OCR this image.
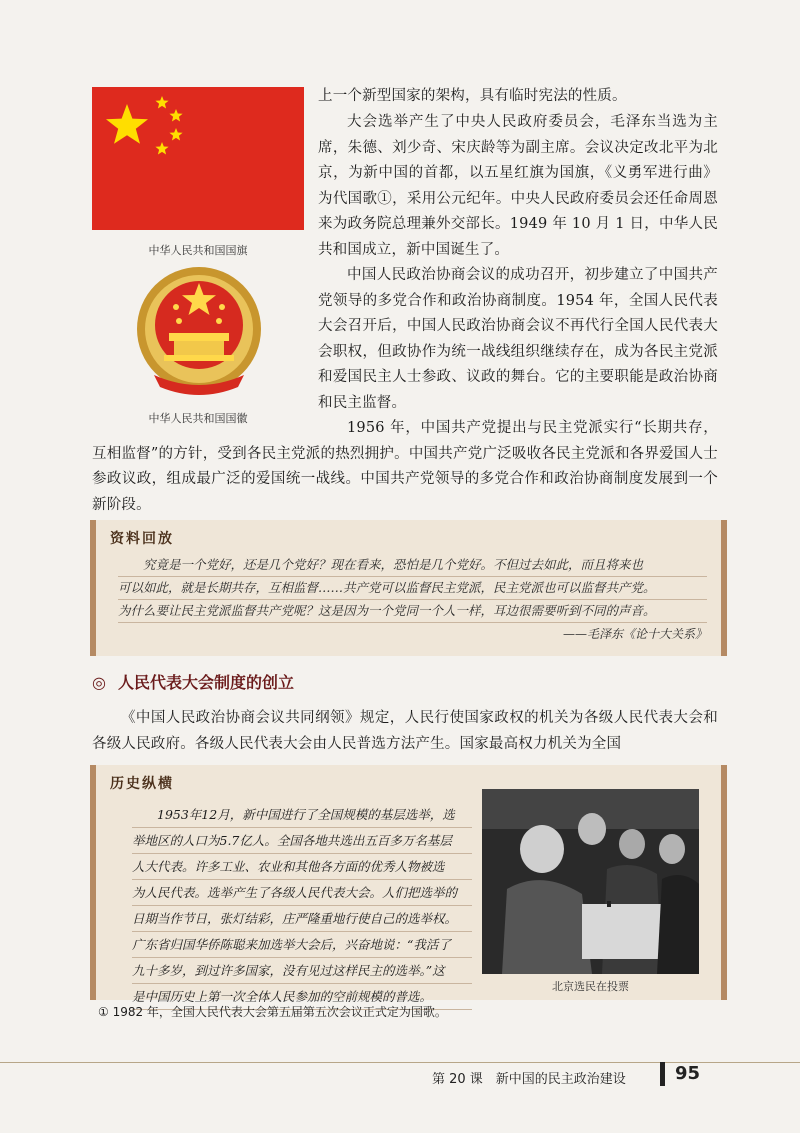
中华人民共和国国旗
中华人民共和国国徽

上一个新型国家的架构，具有临时宪法的性质。

大会选举产生了中央人民政府委员会，毛泽东当选为主席，朱德、刘少奇、宋庆龄等为副主席。会议决定改北平为北京，为新中国的首都，以五星红旗为国旗，《义勇军进行曲》为代国歌①，采用公元纪年。中央人民政府委员会还任命周恩来为政务院总理兼外交部长。1949 年 10 月 1 日，中华人民共和国成立，新中国诞生了。

中国人民政治协商会议的成功召开，初步建立了中国共产党领导的多党合作和政治协商制度。1954 年，全国人民代表大会召开后，中国人民政治协商会议不再代行全国人民代表大会职权，但政协作为统一战线组织继续存在，成为各民主党派和爱国民主人士参政、议政的舞台。它的主要职能是政治协商和民主监督。

1956 年，中国共产党提出与民主党派实行“长期共存，互相监督”的方针，受到各民主党派的热烈拥护。中国共产党广泛吸收各民主党派和各界爱国人士参政议政，组成最广泛的爱国统一战线。中国共产党领导的多党合作和政治协商制度发展到一个新阶段。

资料回放
究竟是一个党好，还是几个党好？现在看来，恐怕是几个党好。不但过去如此，而且将来也
可以如此，就是长期共存，互相监督……共产党可以监督民主党派，民主党派也可以监督共产党。
为什么要让民主党派监督共产党呢？这是因为一个党同一个人一样，耳边很需要听到不同的声音。
——毛泽东《论十大关系》
◎ 人民代表大会制度的创立

《中国人民政治协商会议共同纲领》规定，人民行使国家政权的机关为各级人民代表大会和各级人民政府。各级人民代表大会由人民普选方法产生。国家最高权力机关为全国

历史纵横
1953年12月，新中国进行了全国规模的基层选举，选
举地区的人口为5.7亿人。全国各地共选出五百多万名基层
人大代表。许多工业、农业和其他各方面的优秀人物被选
为人民代表。选举产生了各级人民代表大会。人们把选举的
日期当作节日，张灯结彩，庄严隆重地行使自己的选举权。
广东省归国华侨陈聪来加选举大会后，兴奋地说：“我活了
九十多岁，到过许多国家，没有见过这样民主的选举。”这
是中国历史上第一次全体人民参加的空前规模的普选。
北京选民在投票
① 1982 年，全国人民代表大会第五届第五次会议正式定为国歌。
第 20 课　新中国的民主政治建设	95
